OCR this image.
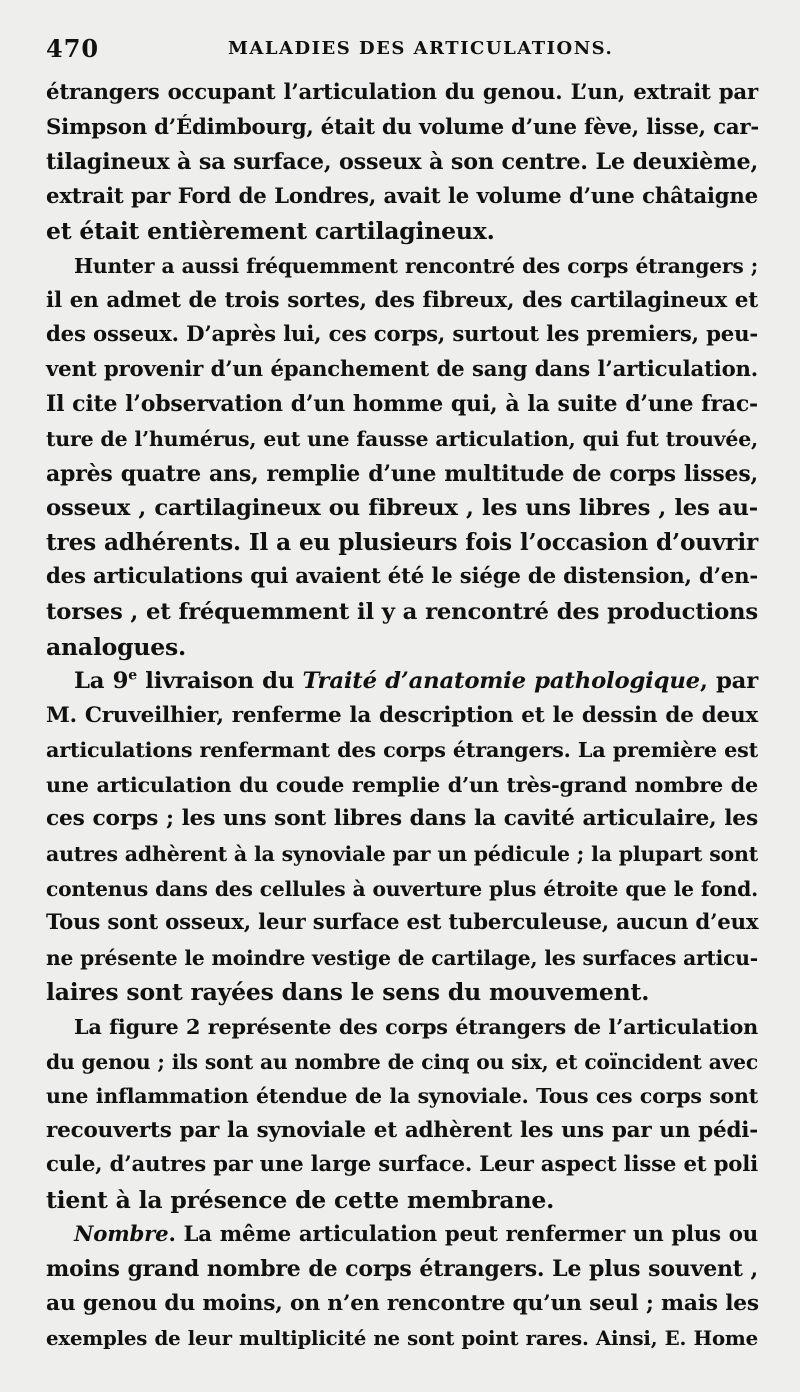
470	MALADIES DES ARTICULATIONS.
étrangers occupant l’articulation du genou. L’un, extrait par
Simpson d’Édimbourg, était du volume d’une fève, lisse, car-
tilagineux à sa surface, osseux à son centre. Le deuxième,
extrait par Ford de Londres, avait le volume d’une châtaigne
et était entièrement cartilagineux.
Hunter a aussi fréquemment rencontré des corps étrangers ;
il en admet de trois sortes, des fibreux, des cartilagineux et
des osseux. D’après lui, ces corps, surtout les premiers, peu-
vent provenir d’un épanchement de sang dans l’articulation.
Il cite l’observation d’un homme qui, à la suite d’une frac-
ture de l’humérus, eut une fausse articulation, qui fut trouvée,
après quatre ans, remplie d’une multitude de corps lisses,
osseux , cartilagineux ou fibreux , les uns libres , les au-
tres adhérents. Il a eu plusieurs fois l’occasion d’ouvrir
des articulations qui avaient été le siége de distension, d’en-
torses , et fréquemment il y a rencontré des productions
analogues.
La 9e livraison du Traité d’anatomie pathologique, par
M. Cruveilhier, renferme la description et le dessin de deux
articulations renfermant des corps étrangers. La première est
une articulation du coude remplie d’un très-grand nombre de
ces corps ; les uns sont libres dans la cavité articulaire, les
autres adhèrent à la synoviale par un pédicule ; la plupart sont
contenus dans des cellules à ouverture plus étroite que le fond.
Tous sont osseux, leur surface est tuberculeuse, aucun d’eux
ne présente le moindre vestige de cartilage, les surfaces articu-
laires sont rayées dans le sens du mouvement.
La figure 2 représente des corps étrangers de l’articulation
du genou ; ils sont au nombre de cinq ou six, et coïncident avec
une inflammation étendue de la synoviale. Tous ces corps sont
recouverts par la synoviale et adhèrent les uns par un pédi-
cule, d’autres par une large surface. Leur aspect lisse et poli
tient à la présence de cette membrane.
Nombre. La même articulation peut renfermer un plus ou
moins grand nombre de corps étrangers. Le plus souvent ,
au genou du moins, on n’en rencontre qu’un seul ; mais les
exemples de leur multiplicité ne sont point rares. Ainsi, E. Home
